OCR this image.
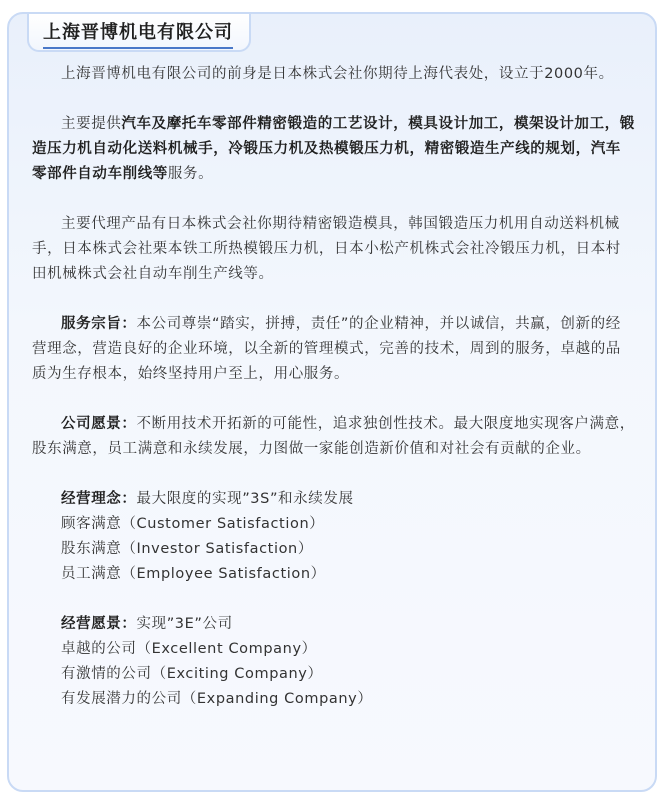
上海晋博机电有限公司

上海晋博机电有限公司的前身是日本株式会社你期待上海代表处，设立于2000年。

主要提供汽车及摩托车零部件精密锻造的工艺设计，模具设计加工，模架设计加工，锻造压力机自动化送料机械手，冷锻压力机及热模锻压力机，精密锻造生产线的规划，汽车零部件自动车削线等服务。

主要代理产品有日本株式会社你期待精密锻造模具，韩国锻造压力机用自动送料机械手，日本株式会社栗本铁工所热模锻压力机，日本小松产机株式会社冷锻压力机，日本村田机械株式会社自动车削生产线等。

服务宗旨：本公司尊崇“踏实，拼搏，责任”的企业精神，并以诚信，共赢，创新的经营理念，营造良好的企业环境，以全新的管理模式，完善的技术，周到的服务，卓越的品质为生存根本，始终坚持用户至上，用心服务。

公司愿景：不断用技术开拓新的可能性，追求独创性技术。最大限度地实现客户满意，股东满意，员工满意和永续发展，力图做一家能创造新价值和对社会有贡献的企业。

经营理念：最大限度的实现”3S”和永续发展
顾客满意（Customer Satisfaction）
股东满意（Investor Satisfaction）
员工满意（Employee Satisfaction）
经营愿景：实现”3E”公司
卓越的公司（Excellent Company）
有激情的公司（Exciting Company）
有发展潜力的公司（Expanding Company）
